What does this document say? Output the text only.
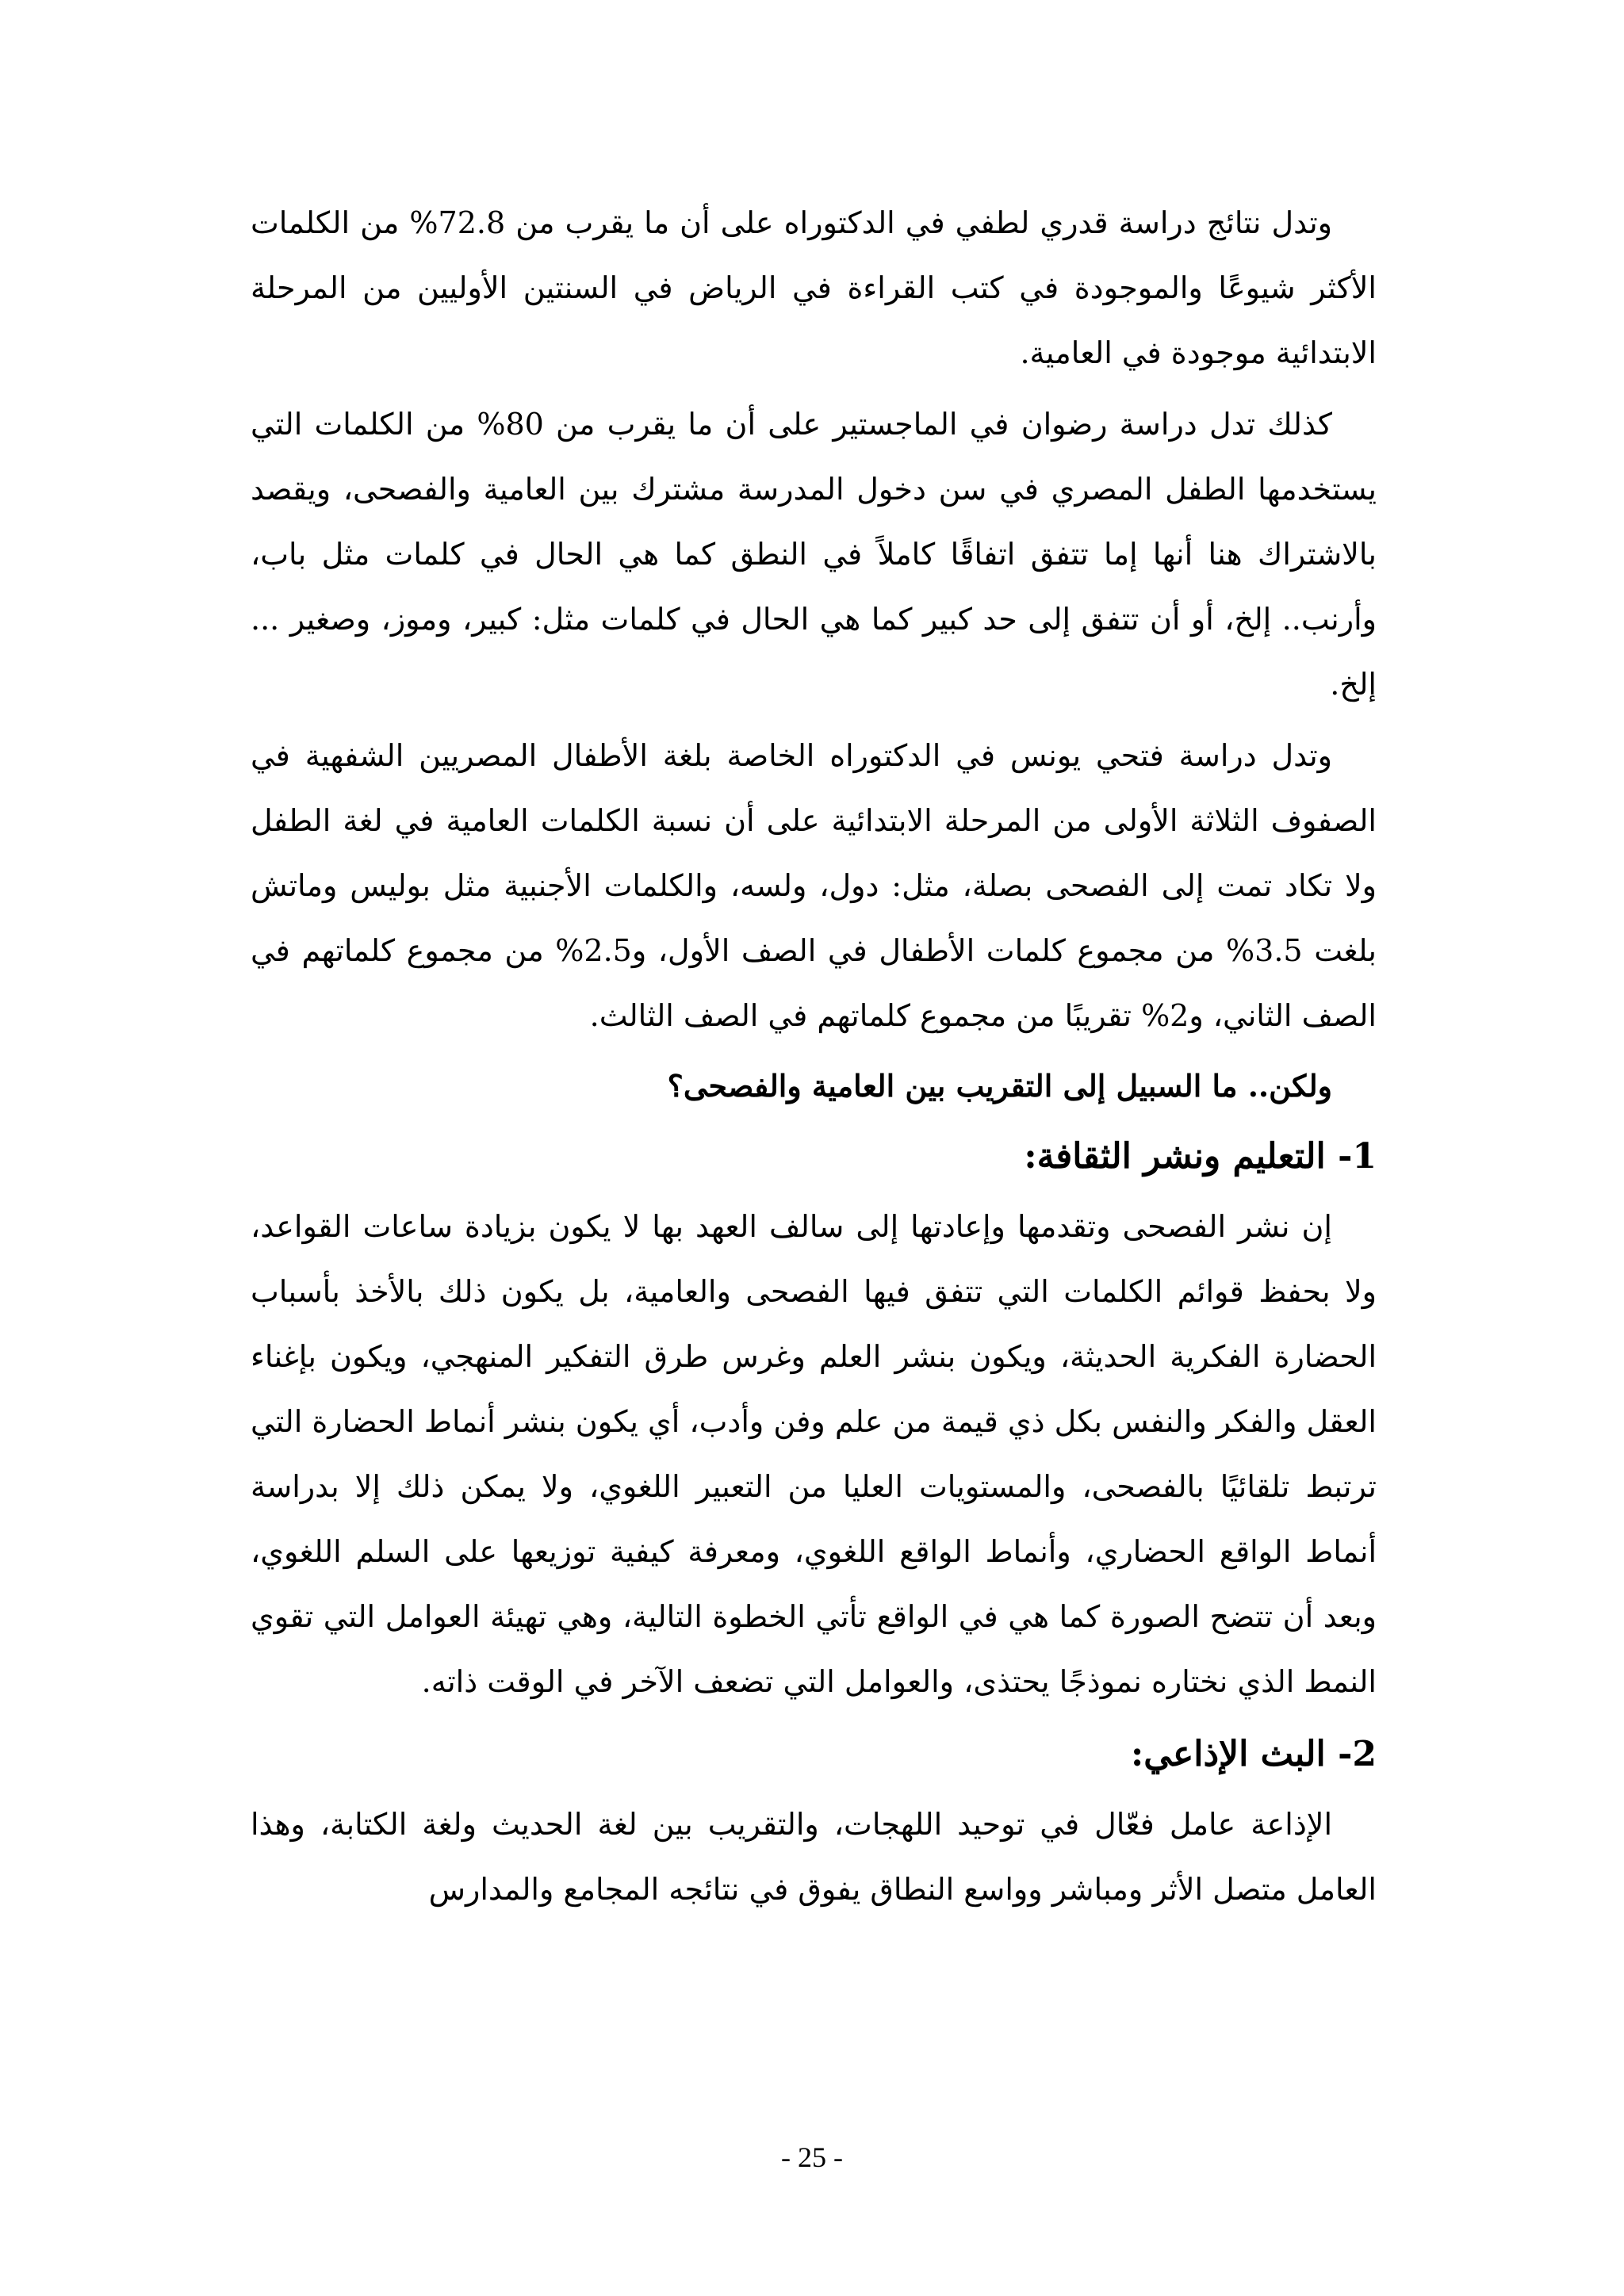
وتدل نتائج دراسة قدري لطفي في الدكتوراه على أن ما يقرب من 72.8% من الكلمات الأكثر شيوعًا والموجودة في كتب القراءة في الرياض في السنتين الأوليين من المرحلة الابتدائية موجودة في العامية.

كذلك تدل دراسة رضوان في الماجستير على أن ما يقرب من 80% من الكلمات التي يستخدمها الطفل المصري في سن دخول المدرسة مشترك بين العامية والفصحى، ويقصد بالاشتراك هنا أنها إما تتفق اتفاقًا كاملاً في النطق كما هي الحال في كلمات مثل باب، وأرنب.. إلخ، أو أن تتفق إلى حد كبير كما هي الحال في كلمات مثل: كبير، وموز، وصغير ... إلخ.

وتدل دراسة فتحي يونس في الدكتوراه الخاصة بلغة الأطفال المصريين الشفهية في الصفوف الثلاثة الأولى من المرحلة الابتدائية على أن نسبة الكلمات العامية في لغة الطفل ولا تكاد تمت إلى الفصحى بصلة، مثل: دول، ولسه، والكلمات الأجنبية مثل بوليس وماتش بلغت 3.5% من مجموع كلمات الأطفال في الصف الأول، و2.5% من مجموع كلماتهم في الصف الثاني، و2% تقريبًا من مجموع كلماتهم في الصف الثالث.

ولكن.. ما السبيل إلى التقريب بين العامية والفصحى؟

1- التعليم ونشر الثقافة:

إن نشر الفصحى وتقدمها وإعادتها إلى سالف العهد بها لا يكون بزيادة ساعات القواعد، ولا بحفظ قوائم الكلمات التي تتفق فيها الفصحى والعامية، بل يكون ذلك بالأخذ بأسباب الحضارة الفكرية الحديثة، ويكون بنشر العلم وغرس طرق التفكير المنهجي، ويكون بإغناء العقل والفكر والنفس بكل ذي قيمة من علم وفن وأدب، أي يكون بنشر أنماط الحضارة التي ترتبط تلقائيًا بالفصحى، والمستويات العليا من التعبير اللغوي، ولا يمكن ذلك إلا بدراسة أنماط الواقع الحضاري، وأنماط الواقع اللغوي، ومعرفة كيفية توزيعها على السلم اللغوي، وبعد أن تتضح الصورة كما هي في الواقع تأتي الخطوة التالية، وهي تهيئة العوامل التي تقوي النمط الذي نختاره نموذجًا يحتذى، والعوامل التي تضعف الآخر في الوقت ذاته.

2- البث الإذاعي:

الإذاعة عامل فعّال في توحيد اللهجات، والتقريب بين لغة الحديث ولغة الكتابة، وهذا العامل متصل الأثر ومباشر وواسع النطاق يفوق في نتائجه المجامع والمدارس

- 25 -
